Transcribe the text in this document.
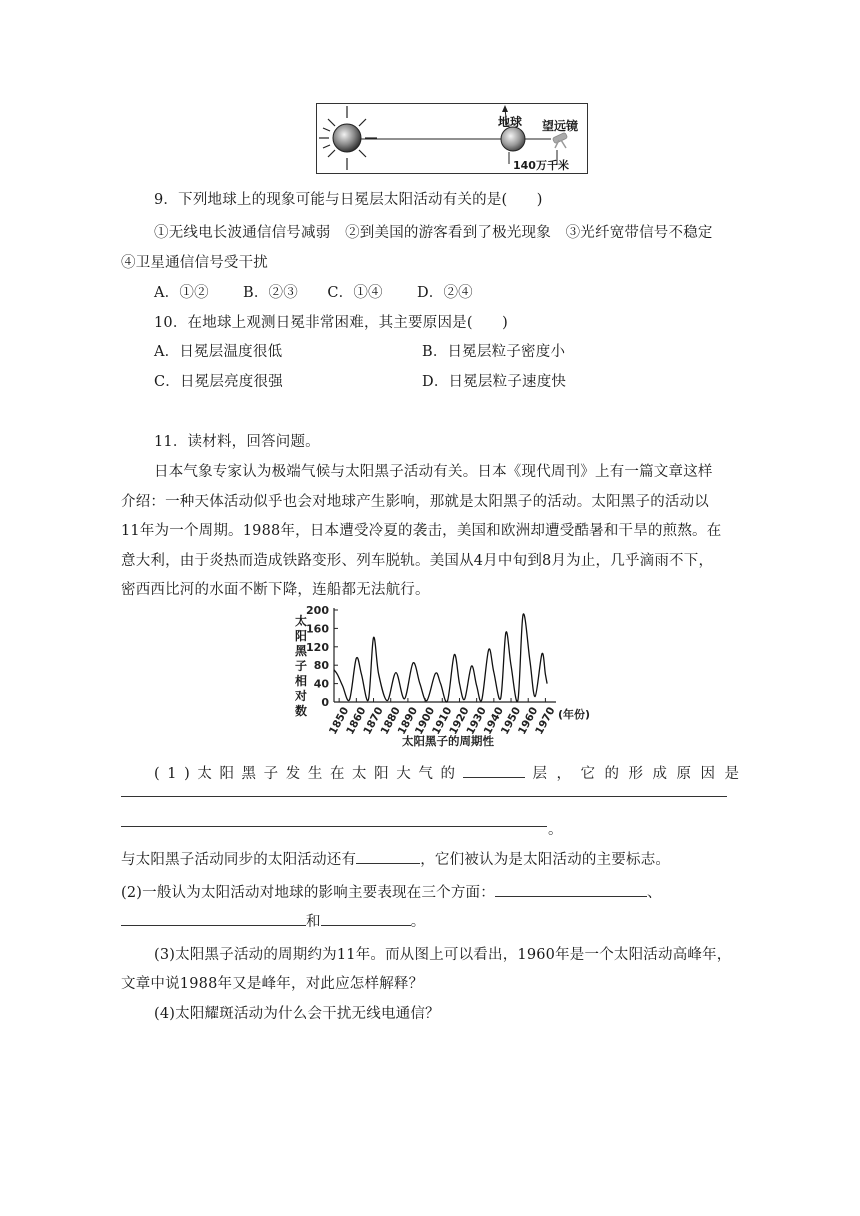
地球 望远镜
140万千米
9．下列地球上的现象可能与日冕层太阳活动有关的是(　　)
①无线电长波通信信号减弱　②到美国的游客看到了极光现象　③光纤宽带信号不稳定
④卫星通信信号受干扰
A．①②　　 B．②③　　C．①④　　 D．②④
10．在地球上观测日冕非常困难，其主要原因是(　　)
A．日冕层温度很低	B．日冕层粒子密度小
C．日冕层亮度很强	D．日冕层粒子速度快
11．读材料，回答问题。
日本气象专家认为极端气候与太阳黑子活动有关。日本《现代周刊》上有一篇文章这样
介绍：一种天体活动似乎也会对地球产生影响，那就是太阳黑子的活动。太阳黑子的活动以
11年为一个周期。1988年，日本遭受冷夏的袭击，美国和欧洲却遭受酷暑和干旱的煎熬。在
意大利，由于炎热而造成铁路变形、列车脱轨。美国从4月中旬到8月为止，几乎滴雨不下，
密西西比河的水面不断下降，连船都无法航行。
太阳黑子相对数
200
160
120
80
40
0
1850
1860
1870
1880
1890
1900
1910
1920
1930
1940
1950
1960
1970 (年份)
太阳黑子的周期性
(1)太阳黑子发生在太阳大气的	层，它的形成原因是
。
与太阳黑子活动同步的太阳活动还有	，它们被认为是太阳活动的主要标志。
(2)一般认为太阳活动对地球的影响主要表现在三个方面：	、
和	。
(3)太阳黑子活动的周期约为11年。而从图上可以看出，1960年是一个太阳活动高峰年，
文章中说1988年又是峰年，对此应怎样解释？
(4)太阳耀斑活动为什么会干扰无线电通信？
